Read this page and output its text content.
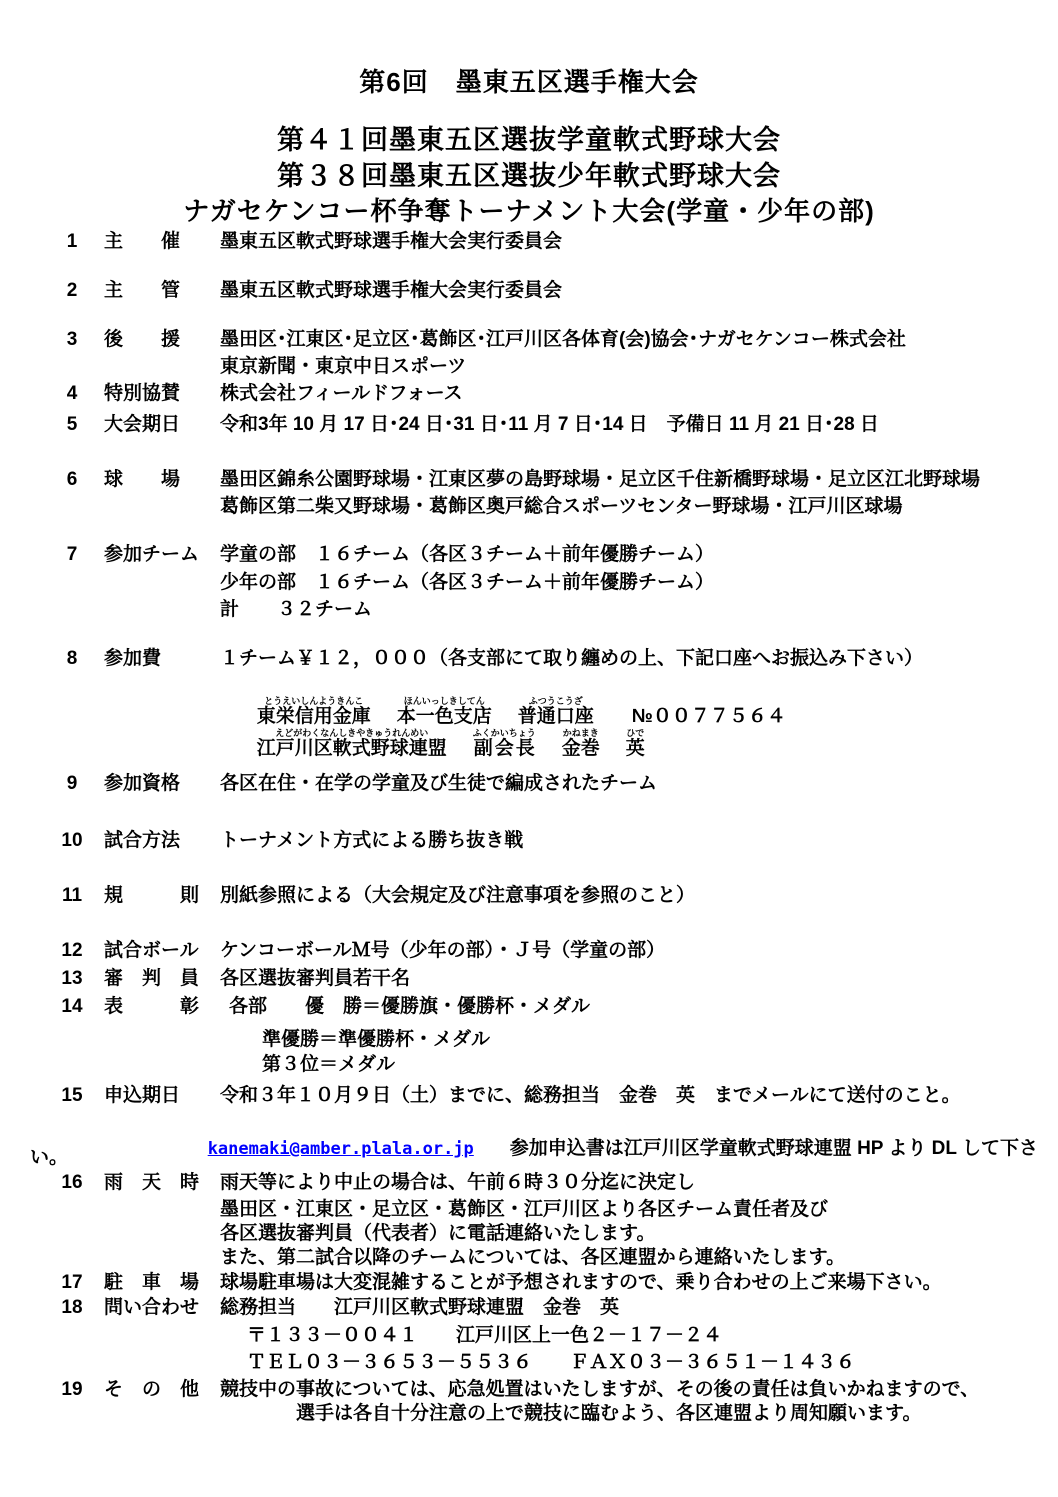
第6回　墨東五区選手権大会
第４１回墨東五区選抜学童軟式野球大会
第３８回墨東五区選抜少年軟式野球大会
ナガセケンコー杯争奪トーナメント大会(学童・少年の部)
1	主　　催 墨東五区軟式野球選手権大会実行委員会
2	主　　管 墨東五区軟式野球選手権大会実行委員会
3	後　　援 墨田区･江東区･足立区･葛飾区･江戸川区各体育(会)協会･ナガセケンコー株式会社
東京新聞・東京中日スポーツ
4	特別協賛 株式会社フィールドフォース
5	大会期日 令和3年 10 月 17 日･24 日･31 日･11 月 7 日･14 日　予備日 11 月 21 日･28 日
6	球　　場 墨田区錦糸公園野球場・江東区夢の島野球場・足立区千住新橋野球場・足立区江北野球場
葛飾区第二柴又野球場・葛飾区奥戸総合スポーツセンター野球場・江戸川区球場
7	参加チーム 学童の部　１６チーム（各区３チーム＋前年優勝チーム）
少年の部　１６チーム（各区３チーム＋前年優勝チーム）
計　　３２チーム
8	参加費	１チーム￥１２，０００（各支部にて取り纏めの上、下記口座へお振込み下さい）

東栄信用金庫とうえいしんようきんこ本一色支店ほんいっしきしてん普通口座ふつうこうざ№００７７５６４

江戸川区軟式野球連盟えどがわくなんしきやきゅうれんめい副会長ふくかいちょう金巻かねまき英ひで

9	参加資格 各区在住・在学の学童及び生徒で編成されたチーム
10 試合方法 トーナメント方式による勝ち抜き戦
11 規　　　則 別紙参照による（大会規定及び注意事項を参照のこと）
12 試合ボール ケンコーボールＭ号（少年の部）・Ｊ号（学童の部）
13 審　判　員 各区選抜審判員若干名
14 表　　　彰 各部　　優　勝＝優勝旗・優勝杯・メダル
準優勝＝準優勝杯・メダル
第３位＝メダル
15 申込期日 令和３年１０月９日（土）までに、総務担当　金巻　英　までメールにて送付のこと。

kanemaki@amber.plala.or.jp 参加申込書は江戸川区学童軟式野球連盟 HP より DL して下さ

い。
16 雨　天　時 雨天等により中止の場合は、午前６時３０分迄に決定し
墨田区・江東区・足立区・葛飾区・江戸川区より各区チーム責任者及び
各区選抜審判員（代表者）に電話連絡いたします。
また、第二試合以降のチームについては、各区連盟から連絡いたします。
17 駐　車　場 球場駐車場は大変混雑することが予想されますので、乗り合わせの上ご来場下さい。
18 問い合わせ 総務担当　　江戸川区軟式野球連盟　金巻　英
〒１３３－００４１　　江戸川区上一色２－１７－２４
ＴＥＬ０３－３６５３－５５３６　　ＦＡＸ０３－３６５１－１４３６
19 そ　の　他 競技中の事故については、応急処置はいたしますが、その後の責任は負いかねますので、
選手は各自十分注意の上で競技に臨むよう、各区連盟より周知願います。
